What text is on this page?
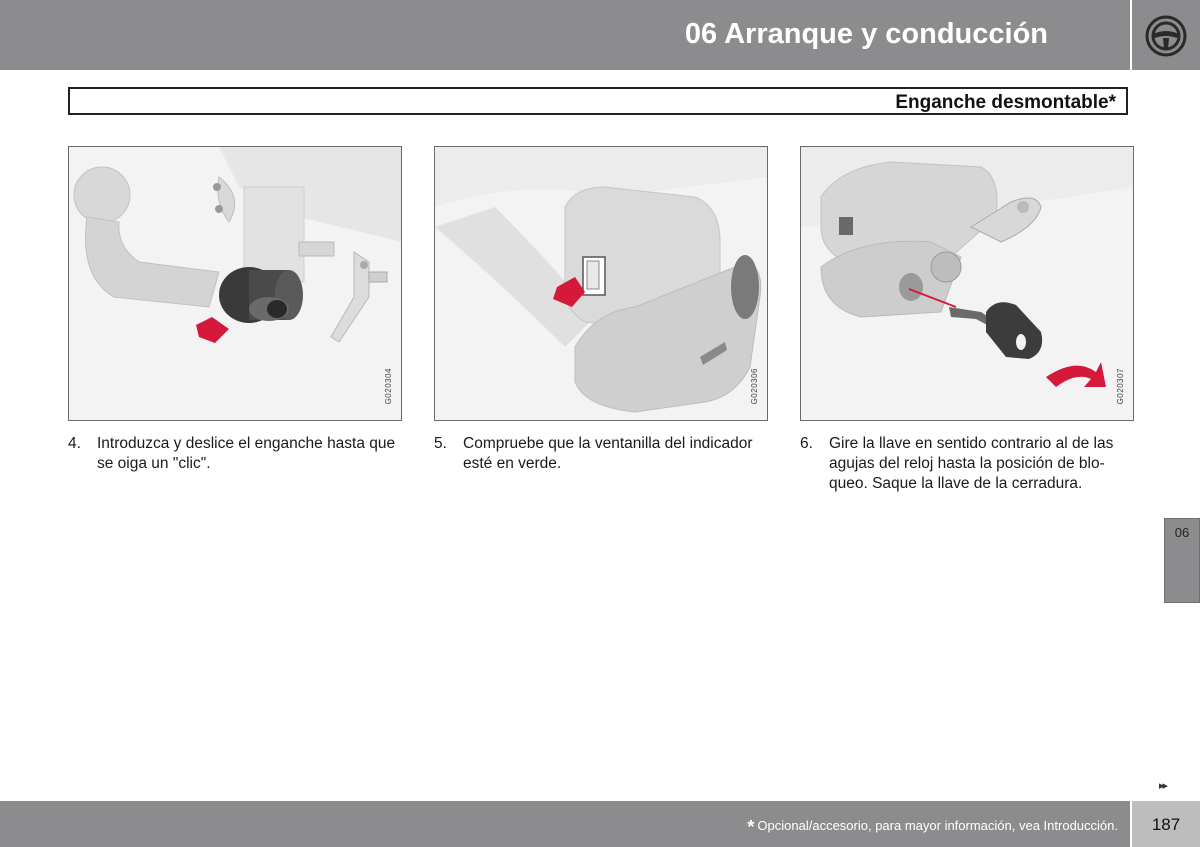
06 Arranque y conducción
Enganche desmontable*
G020304	G020306	G020307
4. Introduzca y deslice el enganche hasta que se oiga un "clic".
5. Compruebe que la ventanilla del indicador esté en verde.
6. Gire la llave en sentido contrario al de las agujas del reloj hasta la posición de blo-queo. Saque la llave de la cerradura.
06
▸▸
* Opcional/accesorio, para mayor información, vea Introducción.	187
